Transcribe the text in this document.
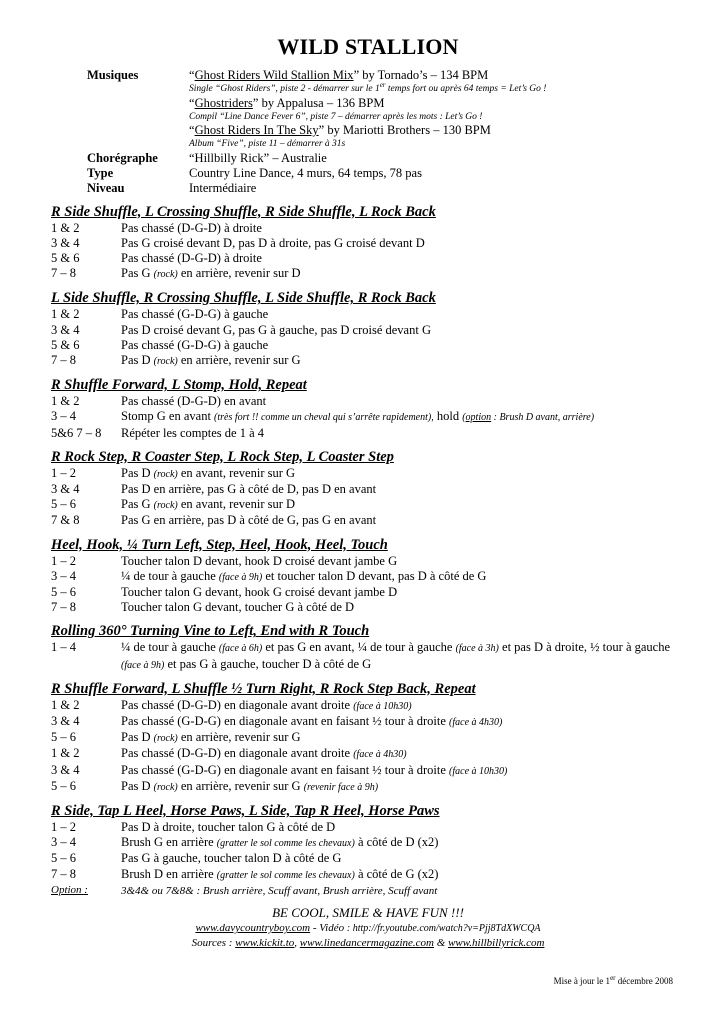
WILD STALLION
Musiques	“Ghost Riders Wild Stallion Mix” by Tornado’s – 134 BPM
Single “Ghost Riders”, piste 2 - démarrer sur le 1er temps fort ou après 64 temps = Let’s Go !
“Ghostriders” by Appalusa – 136 BPM
Compil “Line Dance Fever 6”, piste 7 – démarrer après les mots : Let’s Go !
“Ghost Riders In The Sky” by Mariotti Brothers – 130 BPM
Album “Five”, piste 11 – démarrer à 31s
Chorégraphe	“Hillbilly Rick” – Australie
Type	Country Line Dance, 4 murs, 64 temps, 78 pas
Niveau	Intermédiaire
R Side Shuffle, L Crossing Shuffle, R Side Shuffle, L Rock Back
1 & 2	Pas chassé (D-G-D) à droite
3 & 4	Pas G croisé devant D, pas D à droite, pas G croisé devant D
5 & 6	Pas chassé (D-G-D) à droite
7 – 8	Pas G (rock) en arrière, revenir sur D
L Side Shuffle, R Crossing Shuffle, L Side Shuffle, R Rock Back
1 & 2	Pas chassé (G-D-G) à gauche
3 & 4	Pas D croisé devant G, pas G à gauche, pas D croisé devant G
5 & 6	Pas chassé (G-D-G) à gauche
7 – 8	Pas D (rock) en arrière, revenir sur G
R Shuffle Forward, L Stomp, Hold, Repeat
1 & 2	Pas chassé (D-G-D) en avant
3 – 4	Stomp G en avant (très fort !! comme un cheval qui s’arrête rapidement), hold (option : Brush D avant, arrière)
5&6 7 – 8	Répéter les comptes de 1 à 4
R Rock Step, R Coaster Step, L Rock Step, L Coaster Step
1 – 2	Pas D (rock) en avant, revenir sur G
3 & 4	Pas D en arrière, pas G à côté de D, pas D en avant
5 – 6	Pas G (rock) en avant, revenir sur D
7 & 8	Pas G en arrière, pas D à côté de G, pas G en avant
Heel, Hook, ¼ Turn Left, Step, Heel, Hook, Heel, Touch
1 – 2	Toucher talon D devant, hook D croisé devant jambe G
3 – 4	¼ de tour à gauche (face à 9h) et toucher talon D devant, pas D à côté de G
5 – 6	Toucher talon G devant, hook G croisé devant jambe D
7 – 8	Toucher talon G devant, toucher G à côté de D
Rolling 360° Turning Vine to Left, End with R Touch
1 – 4	¼ de tour à gauche (face à 6h) et pas G en avant, ¼ de tour à gauche (face à 3h) et pas D à droite, ½ tour à gauche (face à 9h) et pas G à gauche, toucher D à côté de G
R Shuffle Forward, L Shuffle ½ Turn Right, R Rock Step Back, Repeat
1 & 2	Pas chassé (D-G-D) en diagonale avant droite (face à 10h30)
3 & 4	Pas chassé (G-D-G) en diagonale avant en faisant ½ tour à droite (face à 4h30)
5 – 6	Pas D (rock) en arrière, revenir sur G
1 & 2	Pas chassé (D-G-D) en diagonale avant droite (face à 4h30)
3 & 4	Pas chassé (G-D-G) en diagonale avant en faisant ½ tour à droite (face à 10h30)
5 – 6	Pas D (rock) en arrière, revenir sur G (revenir face à 9h)
R Side, Tap L Heel, Horse Paws, L Side, Tap R Heel, Horse Paws
1 – 2	Pas D à droite, toucher talon G à côté de D
3 – 4	Brush G en arrière (gratter le sol comme les chevaux) à côté de D (x2)
5 – 6	Pas G à gauche, toucher talon D à côté de G
7 – 8	Brush D en arrière (gratter le sol comme les chevaux) à côté de G (x2)
Option :	3&4& ou 7&8& : Brush arrière, Scuff avant, Brush arrière, Scuff avant
BE COOL, SMILE & HAVE FUN !!!
www.davycountryboy.com - Vidéo : http://fr.youtube.com/watch?v=Pjj8TdXWCQA
Sources : www.kickit.to, www.linedancermagazine.com & www.hillbillyrick.com
Mise à jour le 1er décembre 2008
